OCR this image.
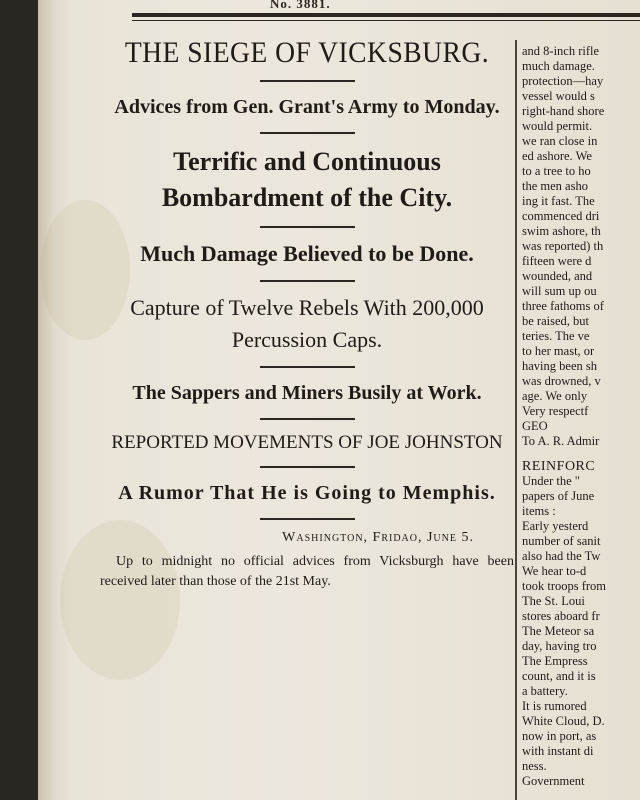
No. 3881.
THE SIEGE OF VICKSBURG.
Advices from Gen. Grant's Army to Monday.
Terrific and Continuous Bombardment of the City.
Much Damage Believed to be Done.
Capture of Twelve Rebels With 200,000 Percussion Caps.
The Sappers and Miners Busily at Work.
REPORTED MOVEMENTS OF JOE JOHNSTON
A Rumor That He is Going to Memphis.
Washington, Fridao, June 5.
Up to midnight no official advices from Vicksburgh have been received later than those of the 21st May.
and 8-inch rifle
much damage.
protection—hay
vessel would s
right-hand shore
would permit.
we ran close in
ed ashore. We
to a tree to ho
the men asho
ing it fast. The
commenced dri
swim ashore, th
was reported) th
fifteen were d
wounded, and
will sum up ou
three fathoms of
be raised, but
teries. The ve
to her mast, or
having been sh
was drowned, v
age. We only
Very respectf
GEO
To A. R. Admir
REINFORC
Under the "
papers of June
items :
Early yesterd
number of sanit
also had the Tw
We hear to-d
took troops from
The St. Loui
stores aboard fr
The Meteor sa
day, having tro
The Empress
count, and it is
a battery.
It is rumored
White Cloud, D.
now in port, as
with instant di
ness.
Government
